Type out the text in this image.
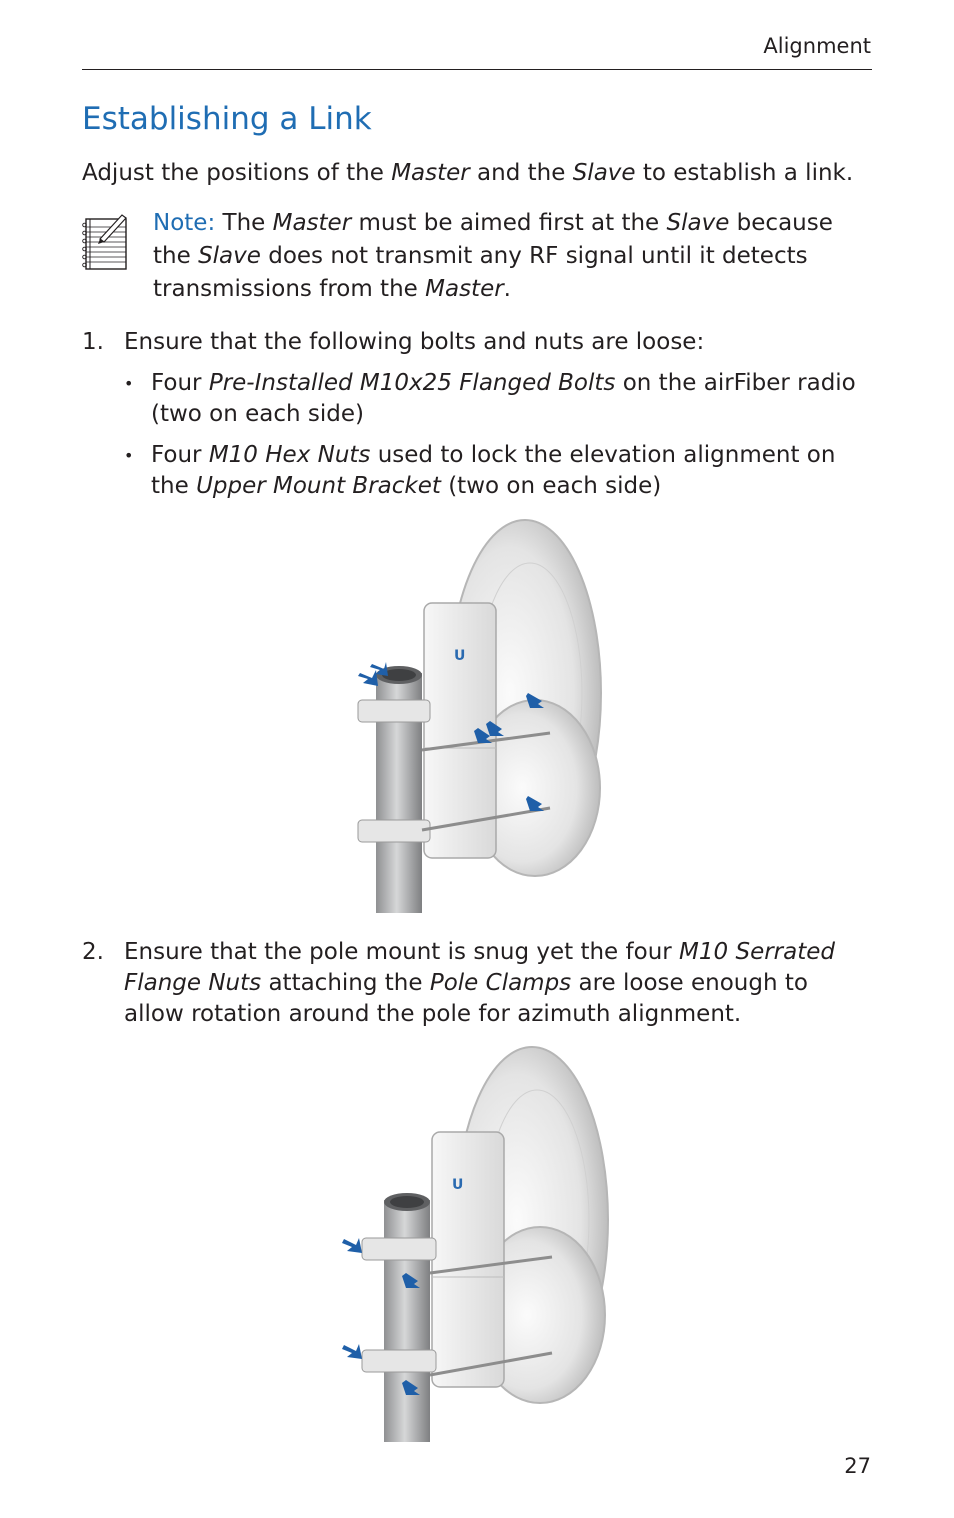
Alignment
Establishing a Link
Adjust the positions of the Master and the Slave to establish a link.
Note: The Master must be aimed first at the Slave because the Slave does not transmit any RF signal until it detects transmissions from the Master.
1. Ensure that the following bolts and nuts are loose:
• Four Pre-Installed M10x25 Flanged Bolts on the airFiber radio (two on each side)
• Four M10 Hex Nuts used to lock the elevation alignment on the Upper Mount Bracket (two on each side)
U
2. Ensure that the pole mount is snug yet the four M10 Serrated Flange Nuts attaching the Pole Clamps are loose enough to allow rotation around the pole for azimuth alignment.
U
27
